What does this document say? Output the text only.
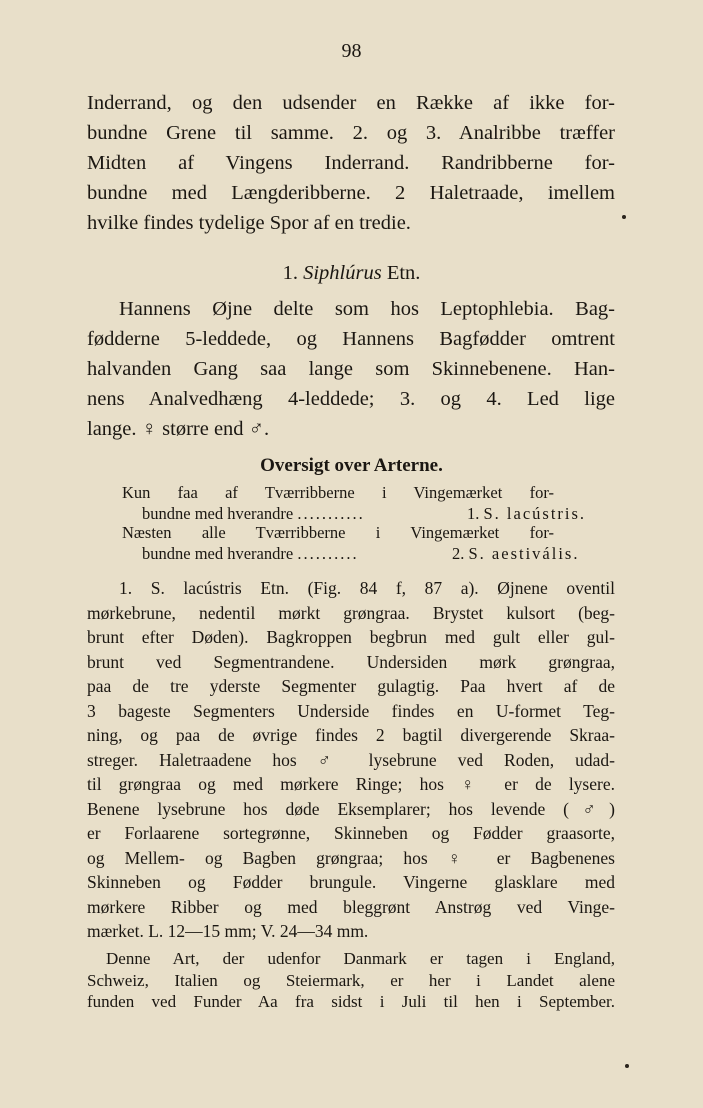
98
Inderrand, og den udsender en Rækkе af ikke for-
bundne Grene til samme. 2. og 3. Analribbe træffer
Midten af Vingens Inderrand. Randribberne for-
bundne med Længderibberne. 2 Haletraade, imellem
hvilke findes tydelige Spor af en tredie.
1. Siphlúrus Etn.
Hannens Øjne delte som hos Leptophlebia. Bag-
fødderne 5-leddede, og Hannens Bagfødder omtrent
halvanden Gang saa lange som Skinnebenene. Han-
nens Analvedhæng 4-leddede; 3. og 4. Led lige
lange. ♀ større end ♂.
Oversigt over Arterne.
Kun faa af Tværribberne i Vingemærket for-
bundne med hverandre ...........	1. S. lacústris.
Næsten alle Tværribberne i Vingemærket for-
bundne med hverandre ..........	2. S. aestivális.
1. S. lacústris Etn. (Fig. 84 f, 87 a). Øjnene oventil
mørkebrune, nedentil mørkt grøngraa. Brystet kulsort (beg-
brunt efter Døden). Bagkroppen begbrun med gult eller gul-
brunt ved Segmentrandene. Undersiden mørk grøngraa,
paa de tre yderste Segmenter gulagtig. Paa hvert af de
3 bageste Segmenters Underside findes en U-formet Teg-
ning, og paa de øvrige findes 2 bagtil divergerende Skraa-
streger. Haletraadene hos ♂ lysebrune ved Roden, udad-
til grøngraa og med mørkere Ringe; hos ♀ er de lysere.
Benene lysebrune hos døde Eksemplarer; hos levende (♂)
er Forlaarene sortegrønne, Skinneben og Fødder graasorte,
og Mellem- og Bagben grøngraa; hos ♀ er Bagbenenes
Skinneben og Fødder brungule. Vingerne glasklare med
mørkere Ribber og med bleggrønt Anstrøg ved Vinge-
mærket. L. 12—15 mm; V. 24—34 mm.
Denne Art, der udenfor Danmark er tagen i England,
Schweiz, Italien og Steiermark, er her i Landet alene
funden ved Funder Aa fra sidst i Juli til hen i September.
